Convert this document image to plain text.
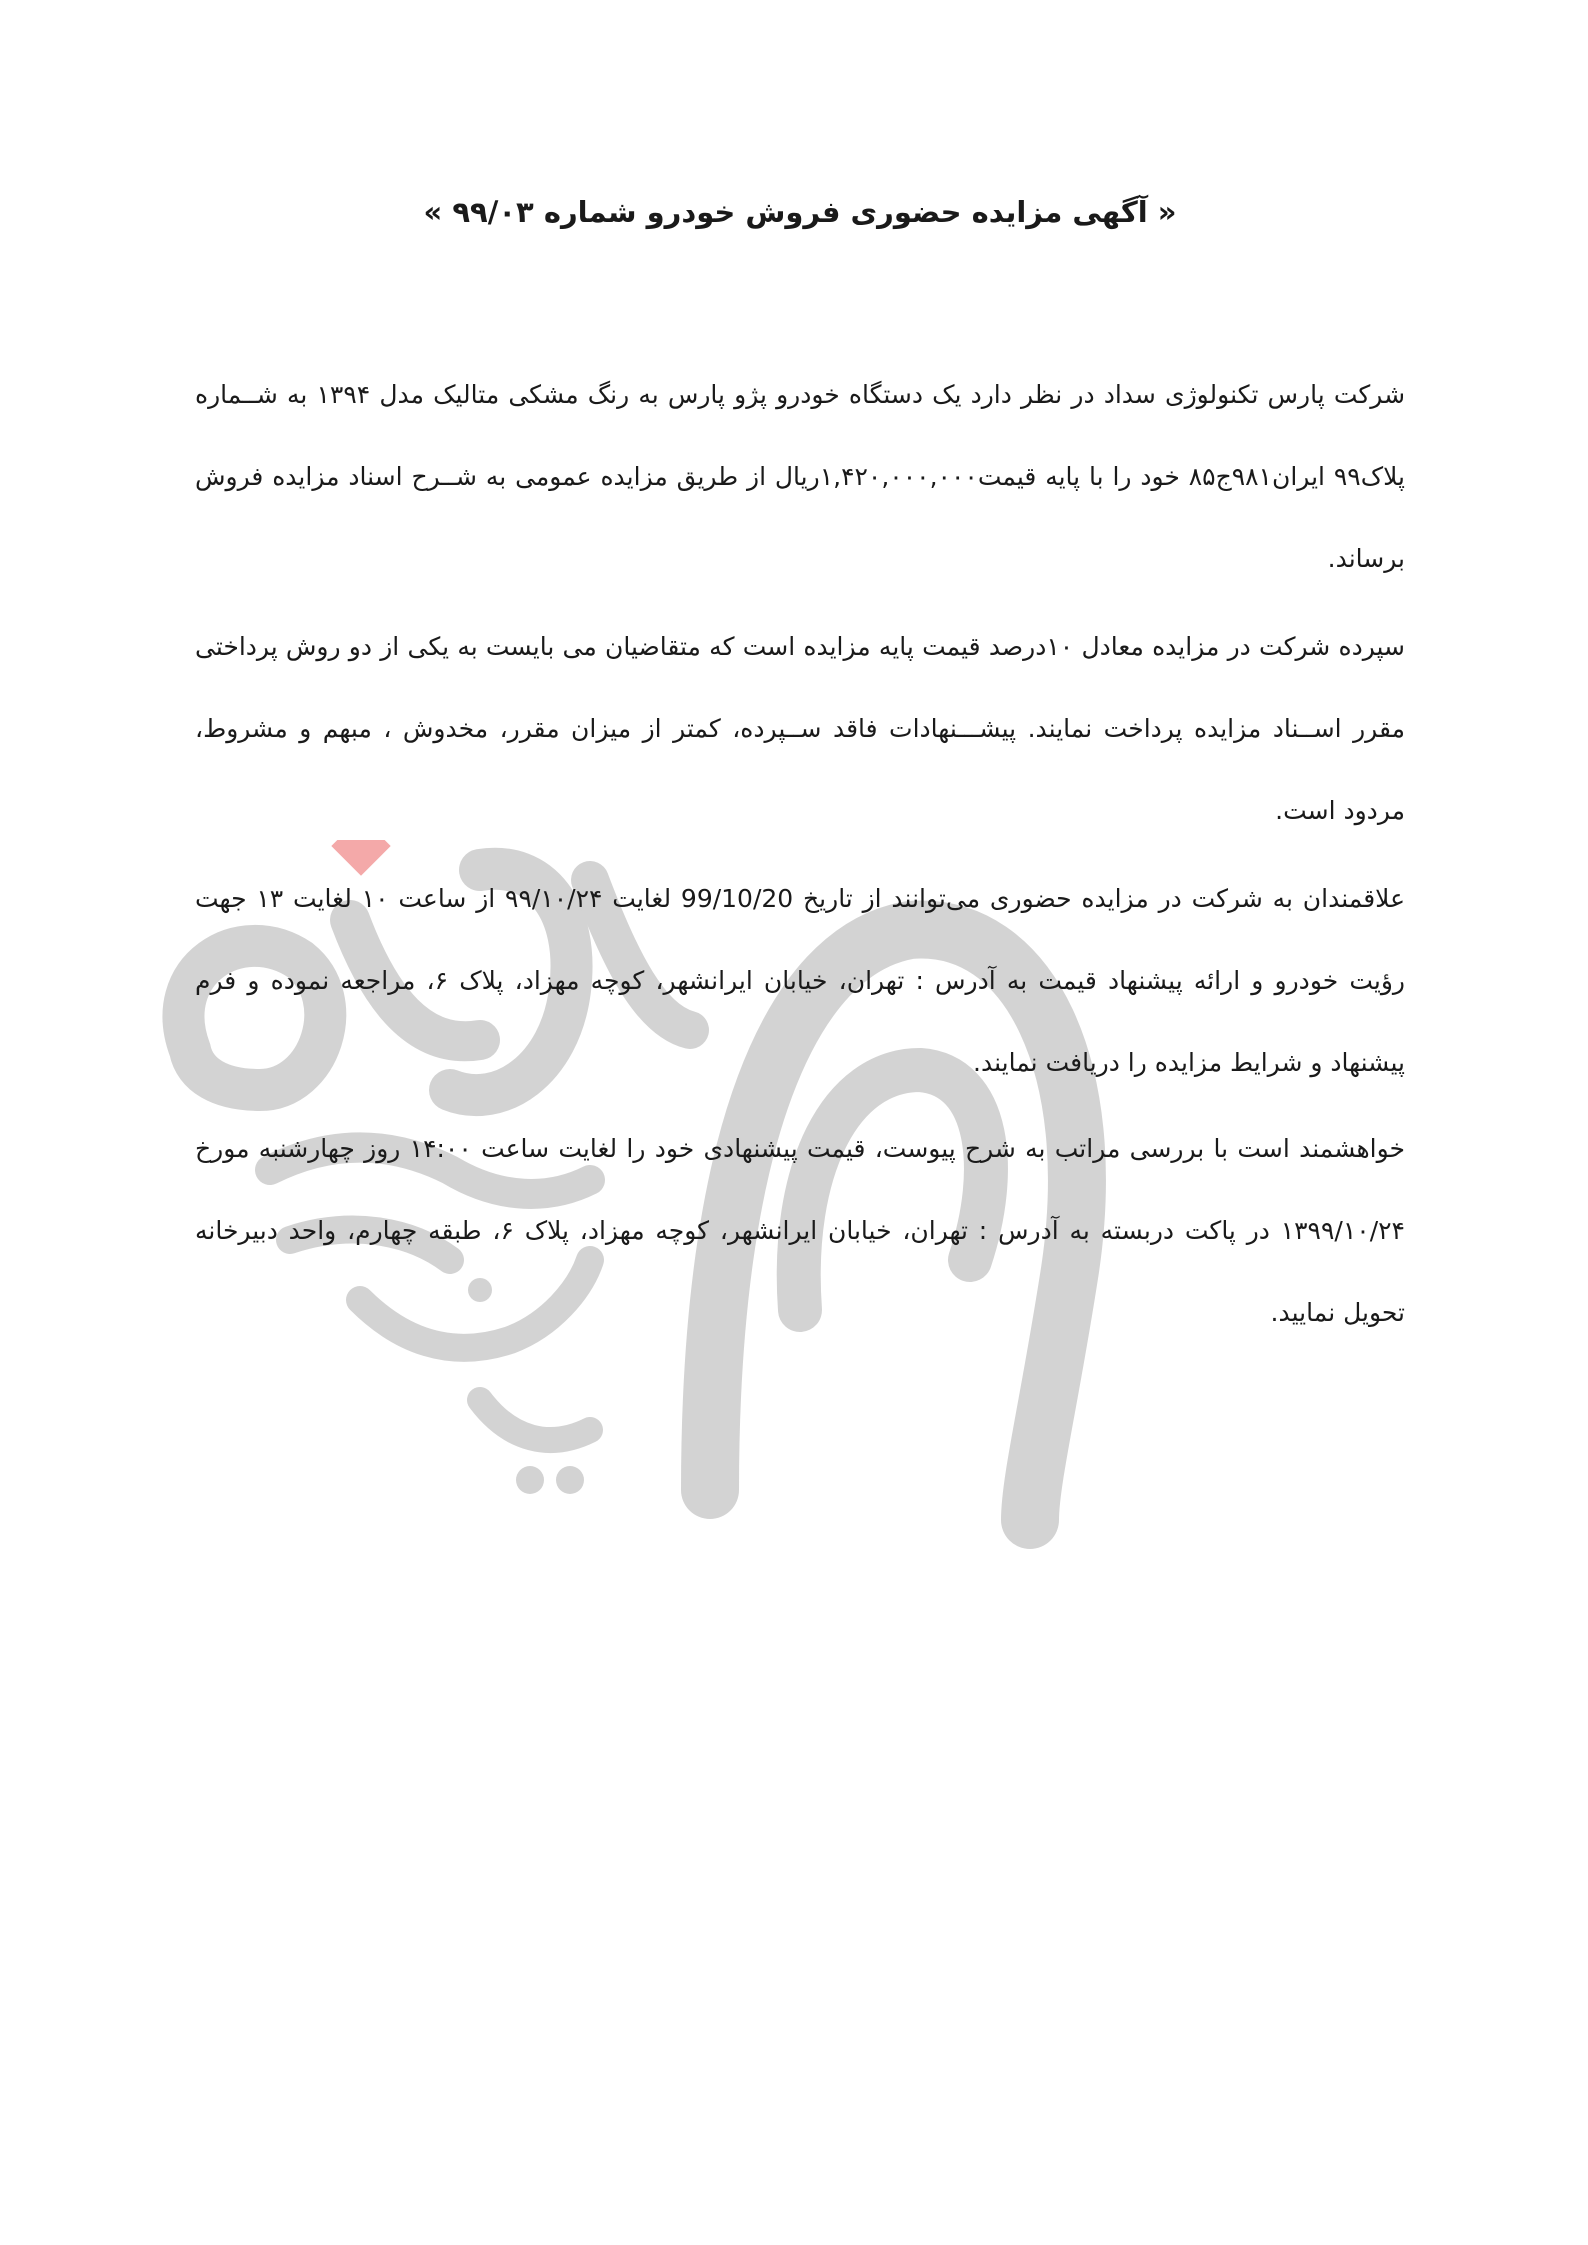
« آگهی مزایده حضوری فروش خودرو شماره ۹۹/۰۳ »

شرکت پارس تکنولوژی سداد در نظر دارد یک دستگاه خودرو پژو پارس به رنگ مشکی متالیک مدل ۱۳۹۴ به شــماره پلاک۹۹ ایران۹۸۱ج۸۵ خود را با پایه قیمت۱,۴۲۰,۰۰۰,۰۰۰ریال از طریق مزایده عمومی به شــرح اسناد مزایده فروش برساند.

سپرده شرکت در مزایده معادل ۱۰درصد قیمت پایه مزایده است که متقاضیان می بایست به یکی از دو روش پرداختی مقرر اســناد مزایده پرداخت نمایند. پیشـــنهادات فاقد ســپرده، کمتر از میزان مقرر، مخدوش ، مبهم و مشروط، مردود است.

علاقمندان به شرکت در مزایده حضوری می‌توانند از تاریخ 99/10/20 لغایت ۹۹/۱۰/۲۴ از ساعت ۱۰ لغایت ۱۳ جهت رؤیت خودرو و ارائه پیشنهاد قیمت به آدرس : تهران، خیابان ایرانشهر، کوچه مهزاد، پلاک ۶، مراجعه نموده و فرم پیشنهاد و شرایط مزایده را دریافت نمایند.

خواهشمند است با بررسی مراتب به شرح پیوست، قیمت پیشنهادی خود را لغایت ساعت ۱۴:۰۰ روز چهارشنبه مورخ ۱۳۹۹/۱۰/۲۴ در پاکت دربسته به آدرس : تهران، خیابان ایرانشهر، کوچه مهزاد، پلاک ۶، طبقه چهارم، واحد دبیرخانه تحویل نمایید.
